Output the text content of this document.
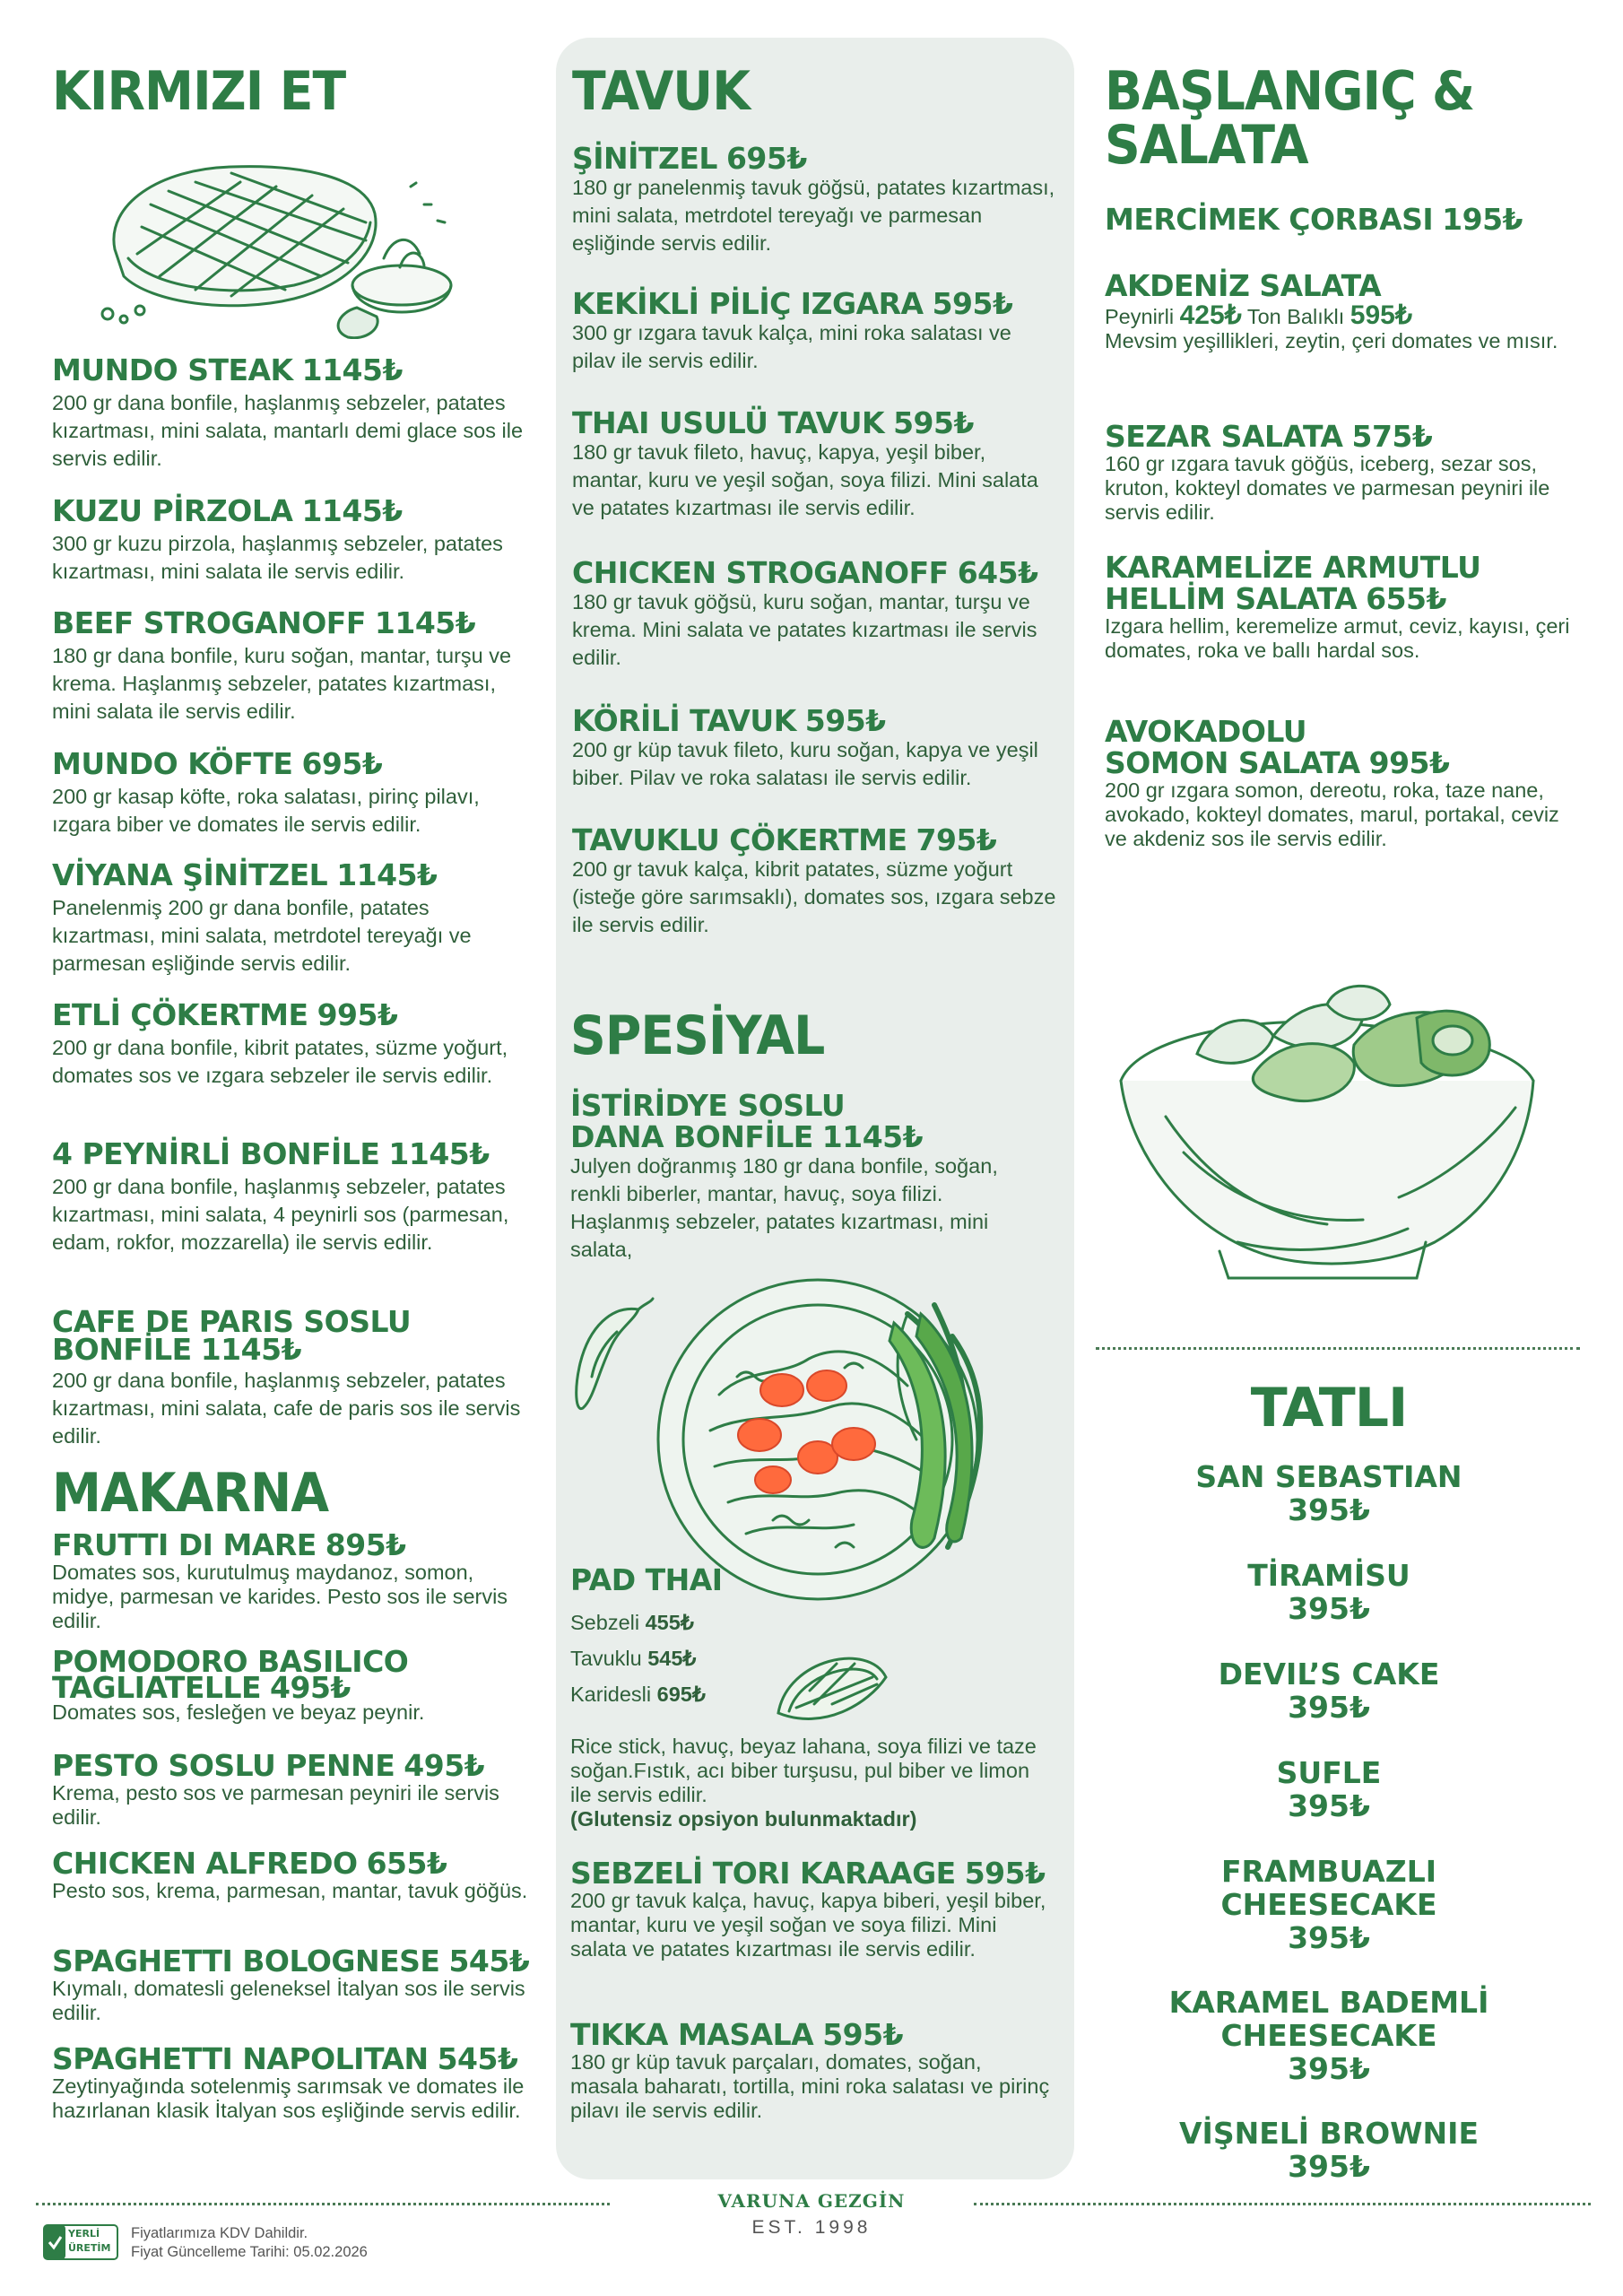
KIRMIZI ET
MUNDO STEAK 1145₺
200 gr dana bonfile, haşlanmış sebzeler, patates kızartması, mini salata, mantarlı demi glace sos ile servis edilir.
KUZU PİRZOLA 1145₺
300 gr kuzu pirzola, haşlanmış sebzeler, patates kızartması, mini salata ile servis edilir.
BEEF STROGANOFF 1145₺
180 gr dana bonfile, kuru soğan, mantar, turşu ve krema. Haşlanmış sebzeler, patates kızartması, mini salata ile servis edilir.
MUNDO KÖFTE 695₺
200 gr kasap köfte, roka salatası, pirinç pilavı, ızgara biber ve domates ile servis edilir.
VİYANA ŞİNİTZEL 1145₺
Panelenmiş 200 gr dana bonfile, patates kızartması, mini salata, metrdotel tereyağı ve parmesan eşliğinde servis edilir.
ETLİ ÇÖKERTME 995₺
200 gr dana bonfile, kibrit patates, süzme yoğurt, domates sos ve ızgara sebzeler ile servis edilir.
4 PEYNİRLİ BONFİLE 1145₺
200 gr dana bonfile, haşlanmış sebzeler, patates kızartması, mini salata, 4 peynirli sos (parmesan, edam, rokfor, mozzarella) ile servis edilir.
CAFE DE PARIS SOSLU
BONFİLE 1145₺
200 gr dana bonfile, haşlanmış sebzeler, patates kızartması, mini salata, cafe de paris sos ile servis edilir.
MAKARNA
FRUTTI DI MARE 895₺
Domates sos, kurutulmuş maydanoz, somon, midye, parmesan ve karides. Pesto sos ile servis edilir.
POMODORO BASILICO
TAGLIATELLE 495₺
Domates sos, fesleğen ve beyaz peynir.
PESTO SOSLU PENNE 495₺
Krema, pesto sos ve parmesan peyniri ile servis edilir.
CHICKEN ALFREDO 655₺
Pesto sos, krema, parmesan, mantar, tavuk göğüs.
SPAGHETTI BOLOGNESE 545₺
Kıymalı, domatesli geleneksel İtalyan sos ile servis edilir.
SPAGHETTI NAPOLITAN 545₺
Zeytinyağında sotelenmiş sarımsak ve domates ile hazırlanan klasik İtalyan sos eşliğinde servis edilir.
TAVUK
ŞİNİTZEL 695₺
180 gr panelenmiş tavuk göğsü, patates kızartması, mini salata, metrdotel tereyağı ve parmesan eşliğinde servis edilir.
KEKİKLİ PİLİÇ IZGARA 595₺
300 gr ızgara tavuk kalça, mini roka salatası ve pilav ile servis edilir.
THAI USULÜ TAVUK 595₺
180 gr tavuk fileto, havuç, kapya, yeşil biber, mantar, kuru ve yeşil soğan, soya filizi. Mini salata ve patates kızartması ile servis edilir.
CHICKEN STROGANOFF 645₺
180 gr tavuk göğsü, kuru soğan, mantar, turşu ve krema. Mini salata ve patates kızartması ile servis edilir.
KÖRİLİ TAVUK 595₺
200 gr küp tavuk fileto, kuru soğan, kapya ve yeşil biber. Pilav ve roka salatası ile servis edilir.
TAVUKLU ÇÖKERTME 795₺
200 gr tavuk kalça, kibrit patates, süzme yoğurt (isteğe göre sarımsaklı), domates sos, ızgara sebze ile servis edilir.
SPESİYAL
İSTİRİDYE SOSLU
DANA BONFİLE 1145₺
Julyen doğranmış 180 gr dana bonfile, soğan, renkli biberler, mantar, havuç, soya filizi. Haşlanmış sebzeler, patates kızartması, mini salata,
PAD THAI
Sebzeli 455₺
Tavuklu 545₺
Karidesli 695₺
Rice stick, havuç, beyaz lahana, soya filizi ve taze soğan.Fıstık, acı biber turşusu, pul biber ve limon ile servis edilir.
(Glutensiz opsiyon bulunmaktadır)
SEBZELİ TORI KARAAGE 595₺
200 gr tavuk kalça, havuç, kapya biberi, yeşil biber, mantar, kuru ve yeşil soğan ve soya filizi. Mini salata ve patates kızartması ile servis edilir.
TIKKA MASALA 595₺
180 gr küp tavuk parçaları, domates, soğan, masala baharatı, tortilla, mini roka salatası ve pirinç pilavı ile servis edilir.
BAŞLANGIÇ &
SALATA
MERCİMEK ÇORBASI 195₺
AKDENİZ SALATA
Peynirli 425₺ Ton Balıklı 595₺
Mevsim yeşillikleri, zeytin, çeri domates ve mısır.
SEZAR SALATA 575₺
160 gr ızgara tavuk göğüs, iceberg, sezar sos, kruton, kokteyl domates ve parmesan peyniri ile servis edilir.
KARAMELİZE ARMUTLU
HELLİM SALATA 655₺
Izgara hellim, keremelize armut, ceviz, kayısı, çeri domates, roka ve ballı hardal sos.
AVOKADOLU
SOMON SALATA 995₺
200 gr ızgara somon, dereotu, roka, taze nane, avokado, kokteyl domates, marul, portakal, ceviz ve akdeniz sos ile servis edilir.
TATLI
SAN SEBASTIAN
395₺
TİRAMİSU
395₺
DEVIL’S CAKE
395₺
SUFLE
395₺
FRAMBUAZLI
CHEESECAKE
395₺
KARAMEL BADEMLİ
CHEESECAKE
395₺
VİŞNELİ BROWNIE
395₺
VARUNA GEZGİN
EST. 1998
YERLİ
ÜRETİM
Fiyatlarımıza KDV Dahildir.
Fiyat Güncelleme Tarihi: 05.02.2026
